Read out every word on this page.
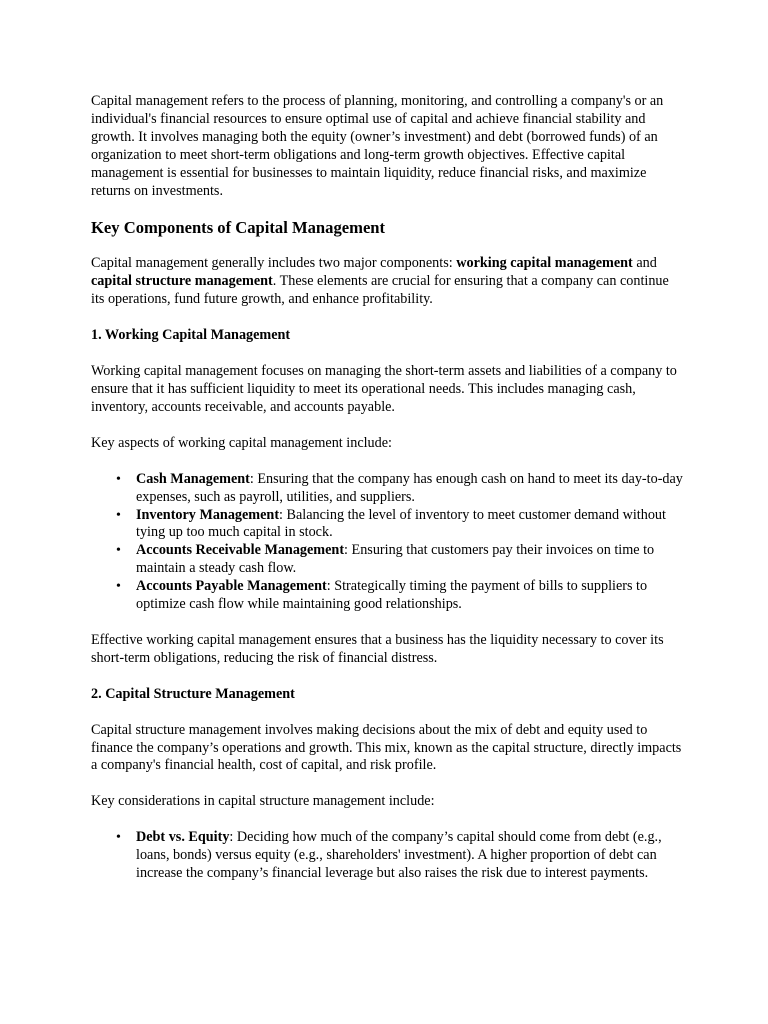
Capital management refers to the process of planning, monitoring, and controlling a company's or an individual's financial resources to ensure optimal use of capital and achieve financial stability and growth. It involves managing both the equity (owner’s investment) and debt (borrowed funds) of an organization to meet short-term obligations and long-term growth objectives. Effective capital management is essential for businesses to maintain liquidity, reduce financial risks, and maximize returns on investments.

Key Components of Capital Management

Capital management generally includes two major components: working capital management and capital structure management. These elements are crucial for ensuring that a company can continue its operations, fund future growth, and enhance profitability.

1. Working Capital Management

Working capital management focuses on managing the short-term assets and liabilities of a company to ensure that it has sufficient liquidity to meet its operational needs. This includes managing cash, inventory, accounts receivable, and accounts payable.

Key aspects of working capital management include:

• Cash Management: Ensuring that the company has enough cash on hand to meet its day-to-day expenses, such as payroll, utilities, and suppliers.
• Inventory Management: Balancing the level of inventory to meet customer demand without tying up too much capital in stock.
• Accounts Receivable Management: Ensuring that customers pay their invoices on time to maintain a steady cash flow.
• Accounts Payable Management: Strategically timing the payment of bills to suppliers to optimize cash flow while maintaining good relationships.

Effective working capital management ensures that a business has the liquidity necessary to cover its short-term obligations, reducing the risk of financial distress.

2. Capital Structure Management

Capital structure management involves making decisions about the mix of debt and equity used to finance the company’s operations and growth. This mix, known as the capital structure, directly impacts a company's financial health, cost of capital, and risk profile.

Key considerations in capital structure management include:

• Debt vs. Equity: Deciding how much of the company’s capital should come from debt (e.g., loans, bonds) versus equity (e.g., shareholders' investment). A higher proportion of debt can increase the company’s financial leverage but also raises the risk due to interest payments.
